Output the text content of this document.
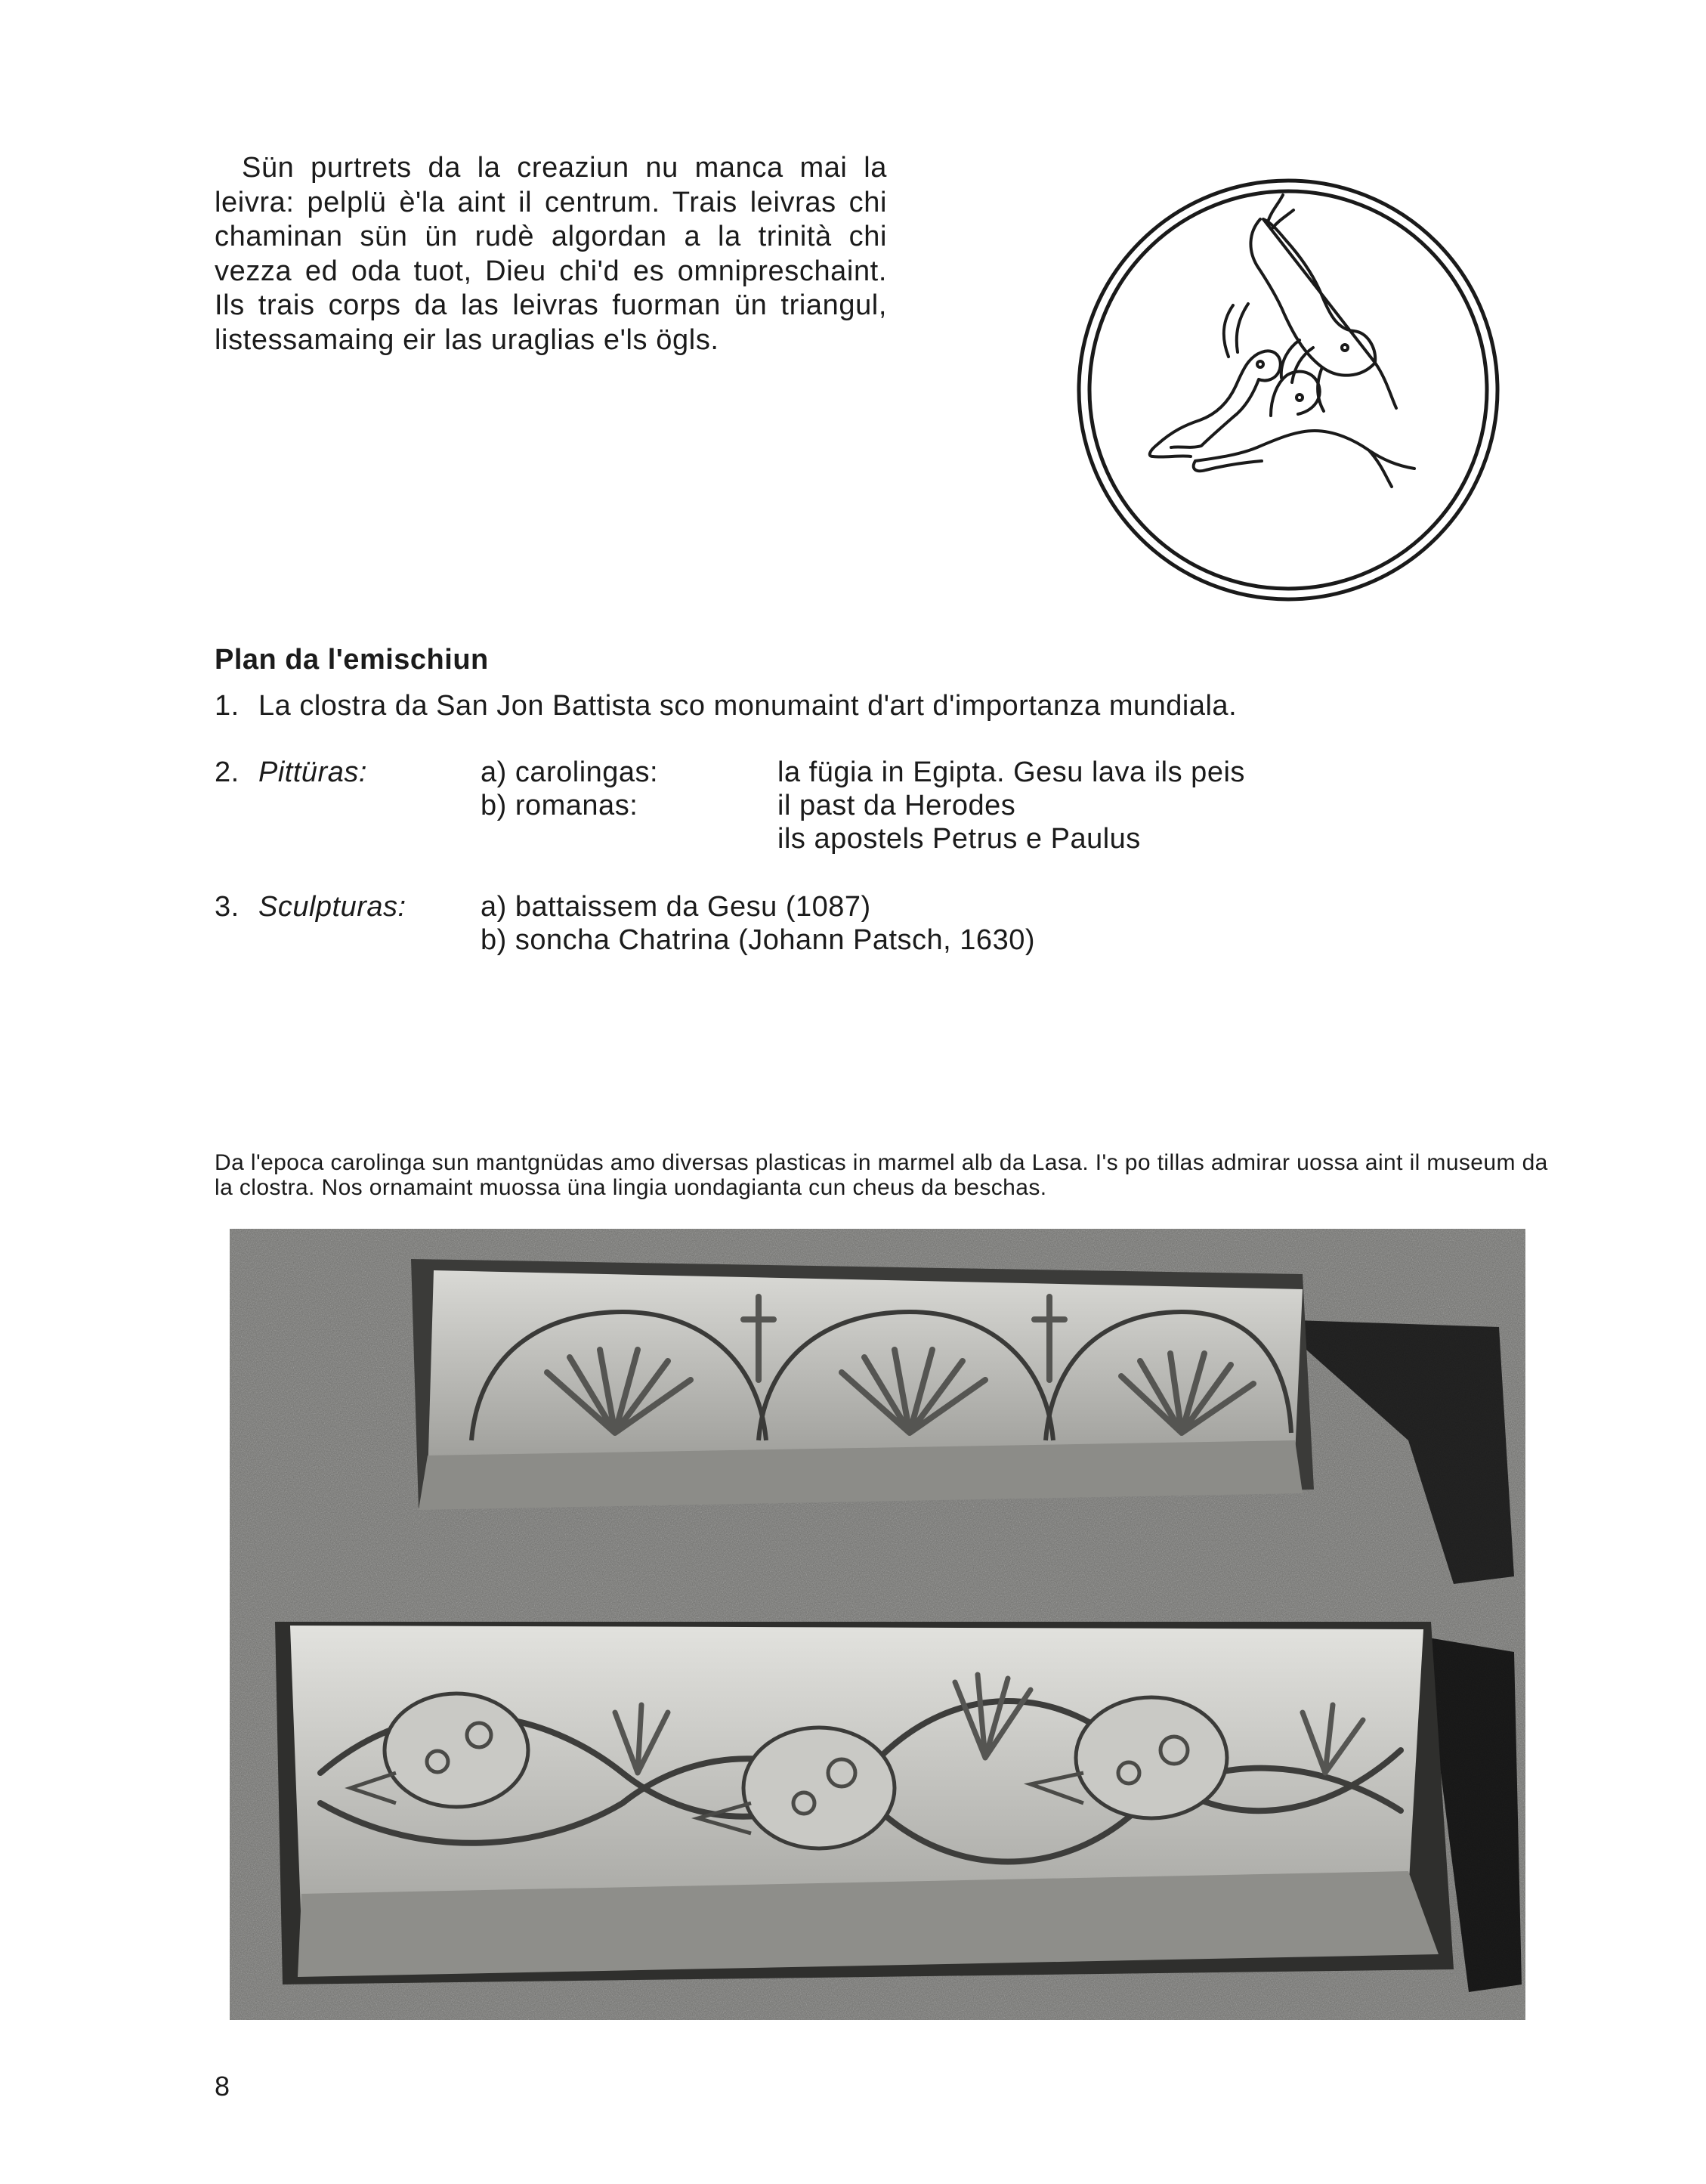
Sün purtrets da la creaziun nu manca mai la leivra: pelplü è'la aint il centrum. Trais leivras chi chaminan sün ün rudè algordan a la trinità chi vezza ed oda tuot, Dieu chi'd es omnipreschaint. Ils trais corps da las leivras fuorman ün triangul, listessamaing eir las uraglias e'ls ögls.

Plan da l'emischiun
1. La clostra da San Jon Battista sco monumaint d'art d'importanza mundiala.
2. Pittüras:	a) carolingas:
b) romanas:
la fügia in Egipta. Gesu lava ils peis
il past da Herodes
ils apostels Petrus e Paulus
3. Sculpturas:	a) battaissem da Gesu (1087)
b) soncha Chatrina (Johann Patsch, 1630)

Da l'epoca carolinga sun mantgnüdas amo diversas plasticas in marmel alb da Lasa. I's po tillas admirar uossa aint il museum da la clostra. Nos ornamaint muossa üna lingia uondagianta cun cheus da beschas.

8
